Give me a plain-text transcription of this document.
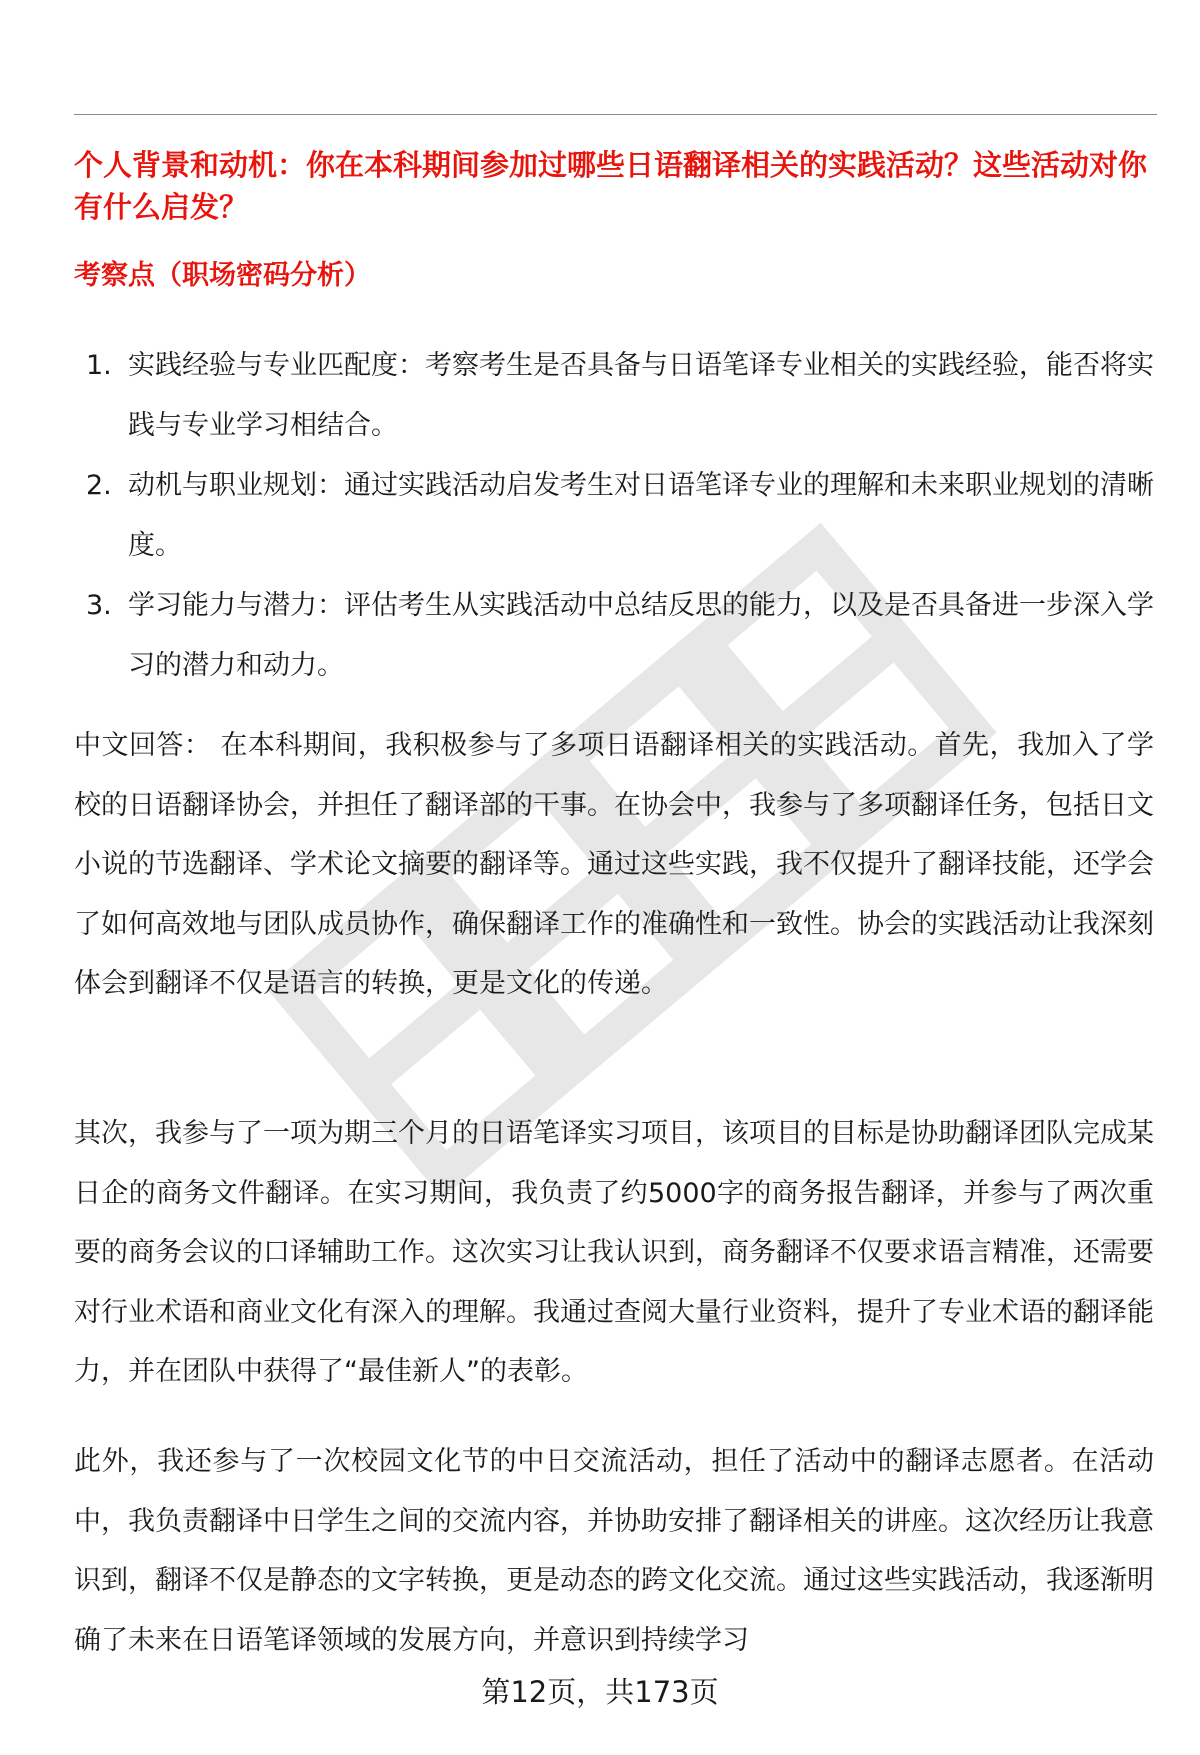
个人背景和动机：你在本科期间参加过哪些日语翻译相关的实践活动？这些活动对你有什么启发？
考察点（职场密码分析）
1. 实践经验与专业匹配度：考察考生是否具备与日语笔译专业相关的实践经验，能否将实践与专业学习相结合。
2. 动机与职业规划：通过实践活动启发考生对日语笔译专业的理解和未来职业规划的清晰度。
3. 学习能力与潜力：评估考生从实践活动中总结反思的能力，以及是否具备进一步深入学习的潜力和动力。

中文回答： 在本科期间，我积极参与了多项日语翻译相关的实践活动。首先，我加入了学校的日语翻译协会，并担任了翻译部的干事。在协会中，我参与了多项翻译任务，包括日文小说的节选翻译、学术论文摘要的翻译等。通过这些实践，我不仅提升了翻译技能，还学会了如何高效地与团队成员协作，确保翻译工作的准确性和一致性。协会的实践活动让我深刻体会到翻译不仅是语言的转换，更是文化的传递。

其次，我参与了一项为期三个月的日语笔译实习项目，该项目的目标是协助翻译团队完成某日企的商务文件翻译。在实习期间，我负责了约5000字的商务报告翻译，并参与了两次重要的商务会议的口译辅助工作。这次实习让我认识到，商务翻译不仅要求语言精准，还需要对行业术语和商业文化有深入的理解。我通过查阅大量行业资料，提升了专业术语的翻译能力，并在团队中获得了“最佳新人”的表彰。

此外，我还参与了一次校园文化节的中日交流活动，担任了活动中的翻译志愿者。在活动中，我负责翻译中日学生之间的交流内容，并协助安排了翻译相关的讲座。这次经历让我意识到，翻译不仅是静态的文字转换，更是动态的跨文化交流。通过这些实践活动，我逐渐明确了未来在日语笔译领域的发展方向，并意识到持续学习

第12页，共173页
